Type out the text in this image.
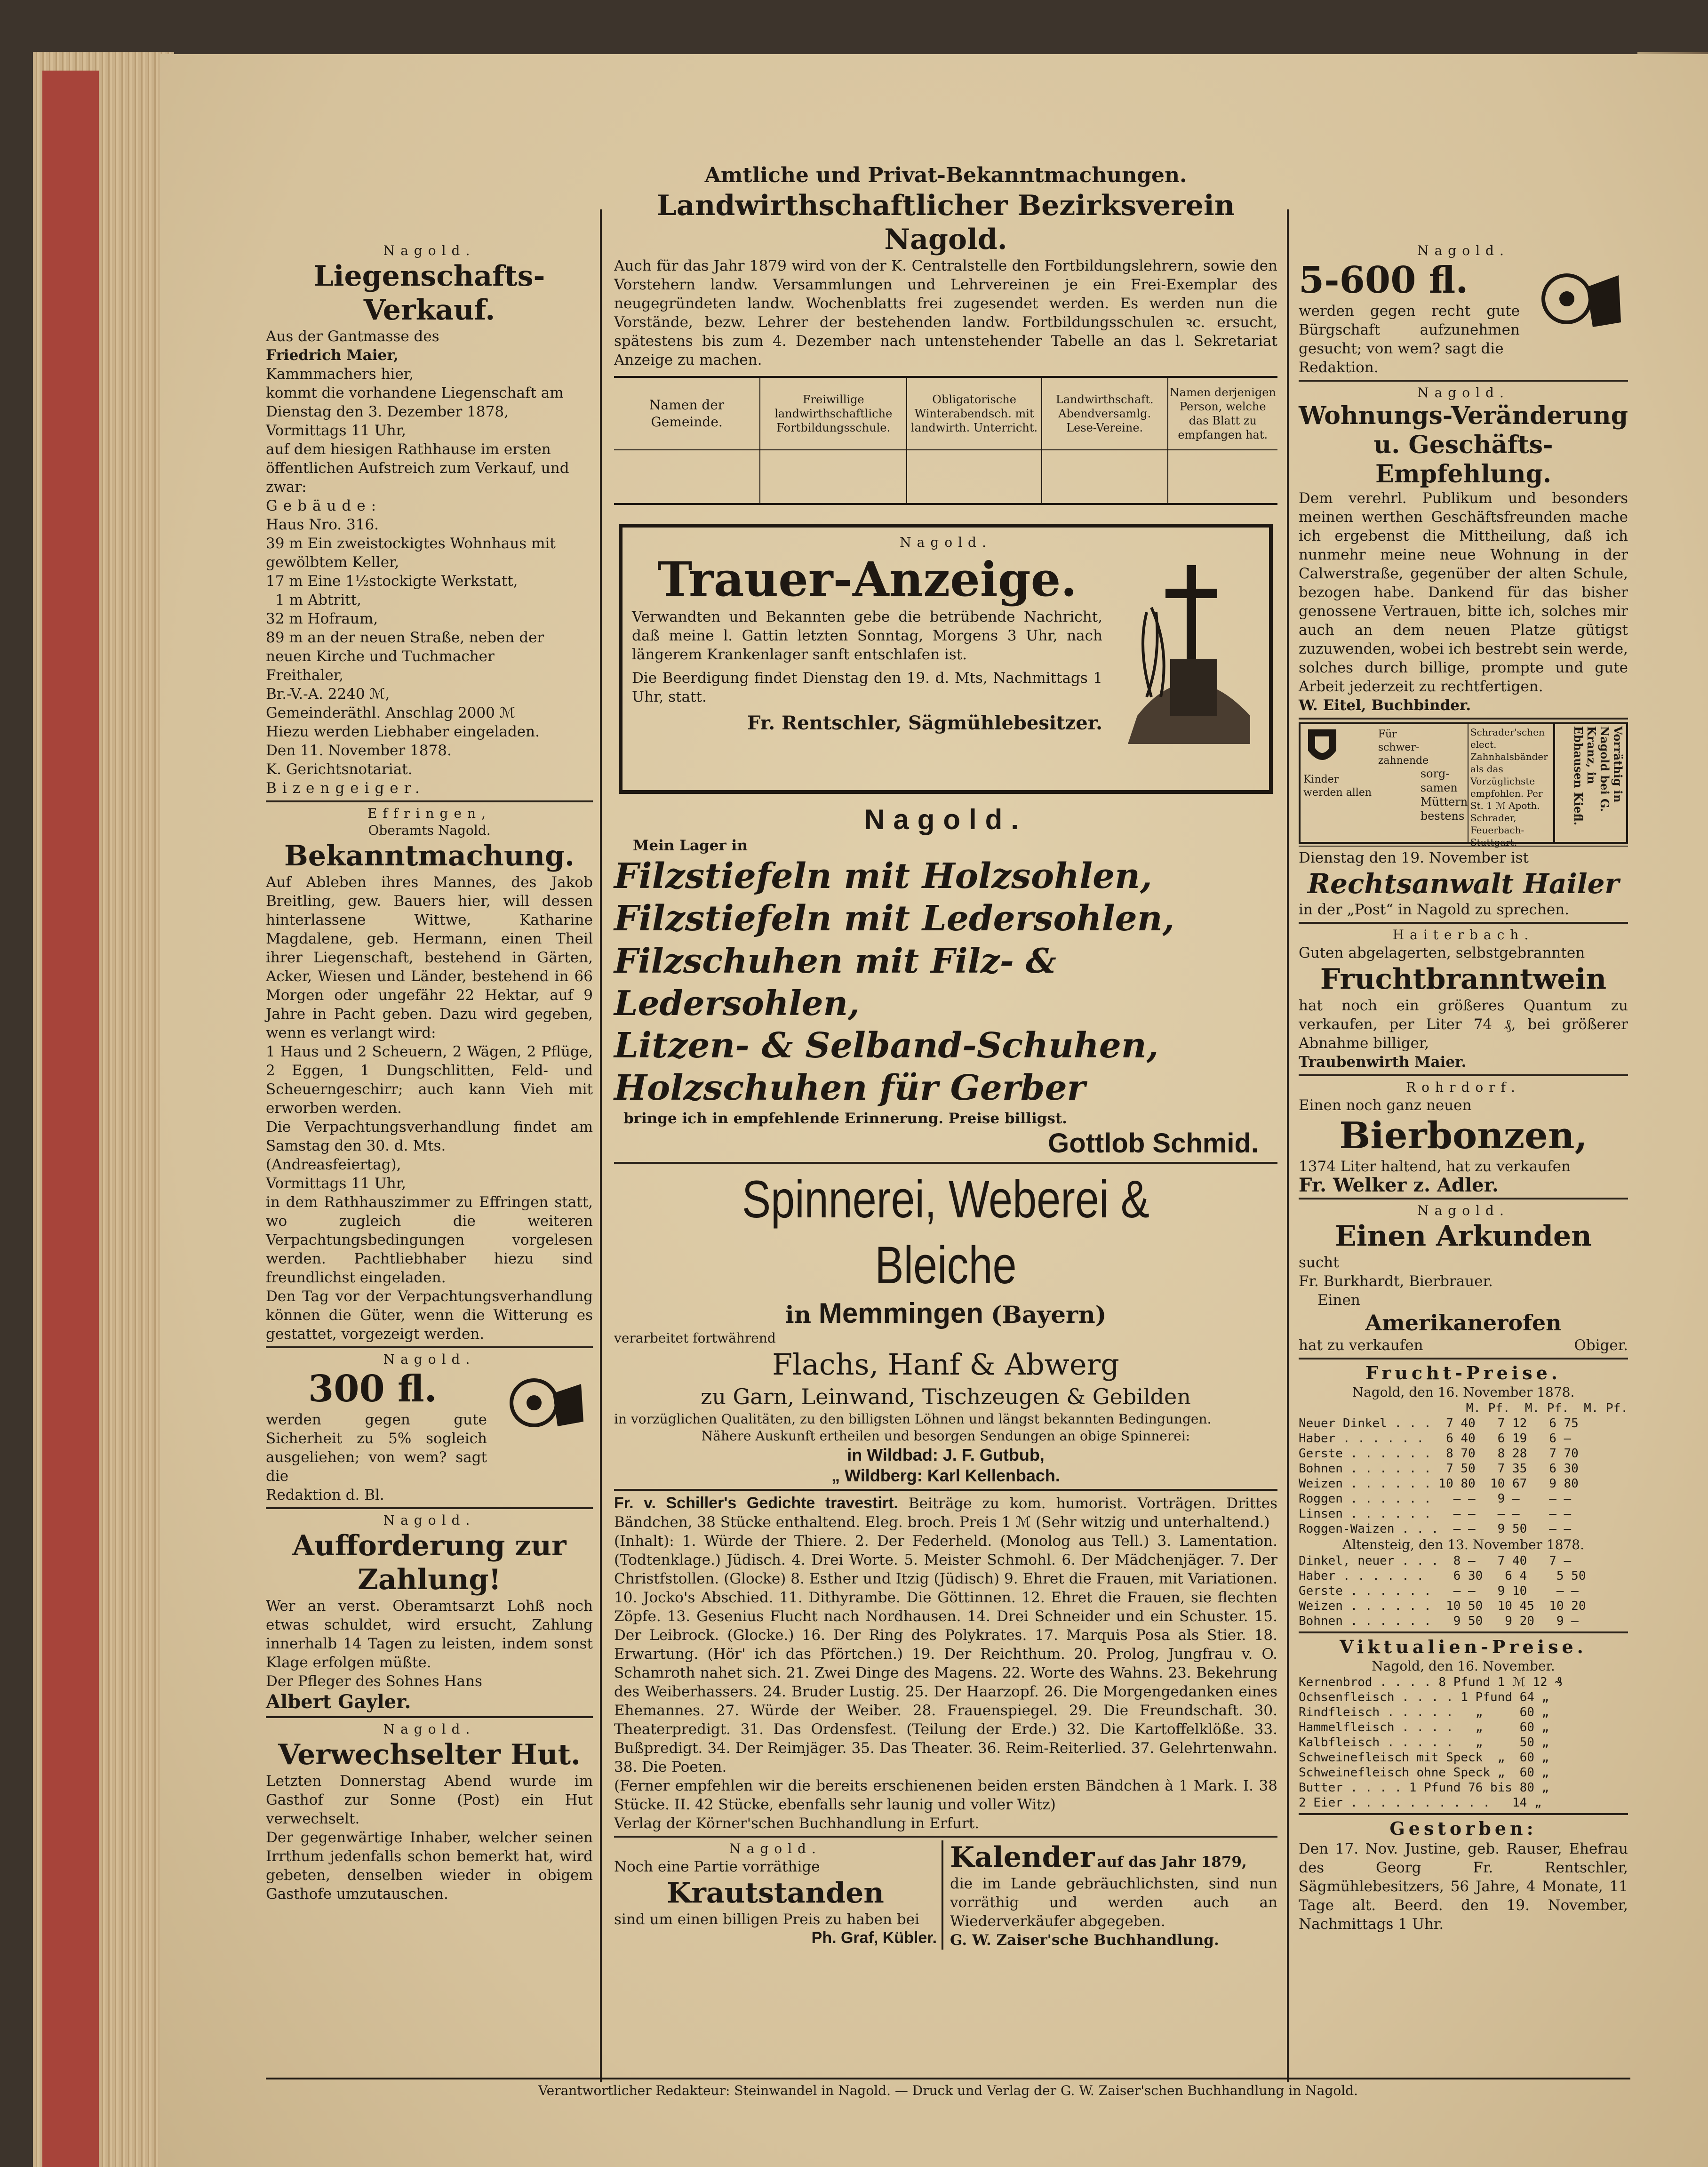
Nagold.
Liegenschafts-Verkauf.
Aus der Gantmasse des
Friedrich Maier,
Kammmachers hier,
kommt die vorhandene Liegenschaft am
Dienstag den 3. Dezember 1878,
Vormittags 11 Uhr,
auf dem hiesigen Rathhause im ersten
öffentlichen Aufstreich zum Verkauf, und
zwar:
Gebäude:
Haus Nro. 316.
39 m Ein zweistockigtes Wohnhaus mit
gewölbtem Keller,
17 m Eine 1½stockigte Werkstatt,
1 m Abtritt,
32 m Hofraum,
89 m an der neuen Straße, neben der
neuen Kirche und Tuchmacher
Freithaler,
Br.-V.-A. 2240 ℳ,
Gemeinderäthl. Anschlag 2000 ℳ
Hiezu werden Liebhaber eingeladen.
Den 11. November 1878.
K. Gerichtsnotariat.
Bizengeiger.
Effringen,
Oberamts Nagold.
Bekanntmachung.
Auf Ableben ihres Mannes, des Jakob Breitling, gew. Bauers hier, will dessen hinterlassene Wittwe, Katharine Magdalene, geb. Hermann, einen Theil ihrer Liegenschaft, bestehend in Gärten, Acker, Wiesen und Länder, bestehend in 66 Morgen oder ungefähr 22 Hektar, auf 9 Jahre in Pacht geben. Dazu wird gegeben, wenn es verlangt wird:
1 Haus und 2 Scheuern, 2 Wägen, 2 Pflüge, 2 Eggen, 1 Dungschlitten, Feld- und Scheuerngeschirr; auch kann Vieh mit erworben werden.
Die Verpachtungsverhandlung findet am Samstag den 30. d. Mts.
(Andreasfeiertag),
Vormittags 11 Uhr,
in dem Rathhauszimmer zu Effringen statt, wo zugleich die weiteren Verpachtungsbedingungen vorgelesen werden. Pachtliebhaber hiezu sind freundlichst eingeladen.
Den Tag vor der Verpachtungsverhandlung können die Güter, wenn die Witterung es gestattet, vorgezeigt werden.
Nagold.
300 fl.
werden gegen gute Sicherheit zu 5% sogleich ausgeliehen; von wem? sagt die
Redaktion d. Bl.
Nagold.
Aufforderung zur Zahlung!
Wer an verst. Oberamtsarzt Lohß noch etwas schuldet, wird ersucht, Zahlung innerhalb 14 Tagen zu leisten, indem sonst Klage erfolgen müßte.
Der Pfleger des Sohnes Hans
Albert Gayler.
Nagold.
Verwechselter Hut.
Letzten Donnerstag Abend wurde im Gasthof zur Sonne (Post) ein Hut verwechselt.
Der gegenwärtige Inhaber, welcher seinen Irrthum jedenfalls schon bemerkt hat, wird gebeten, denselben wieder in obigem Gasthofe umzutauschen.
Amtliche und Privat-Bekanntmachungen.
Landwirthschaftlicher Bezirksverein Nagold.
Auch für das Jahr 1879 wird von der K. Centralstelle den Fortbildungslehrern, sowie den Vorstehern landw. Versammlungen und Lehrvereinen je ein Frei-Exemplar des neugegründeten landw. Wochenblatts frei zugesendet werden. Es werden nun die Vorstände, bezw. Lehrer der bestehenden landw. Fortbildungsschulen ꝛc. ersucht, spätestens bis zum 4. Dezember nach untenstehender Tabelle an das l. Sekretariat Anzeige zu machen.
Namen der Gemeinde.	Freiwillige landwirthschaftliche Fortbildungsschule.	Obligatorische Winterabendsch. mit landwirth. Unterricht.	Landwirthschaft. Abendversamlg. Lese-Vereine.	Namen derjenigen Person, welche das Blatt zu empfangen hat.

Nagold.
Trauer-Anzeige.
Verwandten und Bekannten gebe die betrübende Nachricht, daß meine l. Gattin letzten Sonntag, Morgens 3 Uhr, nach längerem Krankenlager sanft entschlafen ist.
Die Beerdigung findet Dienstag den 19. d. Mts, Nachmittags 1 Uhr, statt.
Fr. Rentschler, Sägmühlebesitzer.
Nagold.
Mein Lager in
Filzstiefeln mit Holzsohlen,
Filzstiefeln mit Ledersohlen,
Filzschuhen mit Filz- & Ledersohlen,
Litzen- & Selband-Schuhen,
Holzschuhen für Gerber
bringe ich in empfehlende Erinnerung. Preise billigst.
Gottlob Schmid.
Spinnerei, Weberei & Bleiche
in Memmingen (Bayern)
verarbeitet fortwährend
Flachs, Hanf & Abwerg
zu Garn, Leinwand, Tischzeugen & Gebilden
in vorzüglichen Qualitäten, zu den billigsten Löhnen und längst bekannten Bedingungen.
Nähere Auskunft ertheilen und besorgen Sendungen an obige Spinnerei:
in Wildbad: J. F. Gutbub,
„ Wildberg: Karl Kellenbach.
Fr. v. Schiller's Gedichte travestirt. Beiträge zu kom. humorist. Vorträgen. Drittes Bändchen, 38 Stücke enthaltend. Eleg. broch. Preis 1 ℳ (Sehr witzig und unterhaltend.)
(Inhalt): 1. Würde der Thiere. 2. Der Federheld. (Monolog aus Tell.) 3. Lamentation. (Todtenklage.) Jüdisch. 4. Drei Worte. 5. Meister Schmohl. 6. Der Mädchenjäger. 7. Der Christfstollen. (Glocke) 8. Esther und Itzig (Jüdisch) 9. Ehret die Frauen, mit Variationen. 10. Jocko's Abschied. 11. Dithyrambe. Die Göttinnen. 12. Ehret die Frauen, sie flechten Zöpfe. 13. Gesenius Flucht nach Nordhausen. 14. Drei Schneider und ein Schuster. 15. Der Leibrock. (Glocke.) 16. Der Ring des Polykrates. 17. Marquis Posa als Stier. 18. Erwartung. (Hör' ich das Pförtchen.) 19. Der Reichthum. 20. Prolog, Jungfrau v. O. Schamroth nahet sich. 21. Zwei Dinge des Magens. 22. Worte des Wahns. 23. Bekehrung des Weiberhassers. 24. Bruder Lustig. 25. Der Haarzopf. 26. Die Morgengedanken eines Ehemannes. 27. Würde der Weiber. 28. Frauenspiegel. 29. Die Freundschaft. 30. Theaterpredigt. 31. Das Ordensfest. (Teilung der Erde.) 32. Die Kartoffelklöße. 33. Bußpredigt. 34. Der Reimjäger. 35. Das Theater. 36. Reim-Reiterlied. 37. Gelehrtenwahn. 38. Die Poeten.
(Ferner empfehlen wir die bereits erschienenen beiden ersten Bändchen à 1 Mark. I. 38 Stücke. II. 42 Stücke, ebenfalls sehr launig und voller Witz)
Verlag der Körner'schen Buchhandlung in Erfurt.
Nagold.
Noch eine Partie vorräthige
Krautstanden
sind um einen billigen Preis zu haben bei
Ph. Graf, Kübler.
Kalender auf das Jahr 1879,
die im Lande gebräuchlichsten, sind nun vorräthig und werden auch an Wiederverkäufer abgegeben.
G. W. Zaiser'sche Buchhandlung.
Nagold.
5-600 fl.
werden gegen recht gute Bürgschaft aufzunehmen gesucht; von wem? sagt die
Redaktion.
Nagold.
Wohnungs-Veränderung u. Geschäfts-Empfehlung.
Dem verehrl. Publikum und besonders meinen werthen Geschäftsfreunden mache ich ergebenst die Mittheilung, daß ich nunmehr meine neue Wohnung in der Calwerstraße, gegenüber der alten Schule, bezogen habe. Dankend für das bisher genossene Vertrauen, bitte ich, solches mir auch an dem neuen Platze gütigst zuzuwenden, wobei ich bestrebt sein werde, solches durch billige, prompte und gute Arbeit jederzeit zu rechtfertigen.
W. Eitel, Buchbinder.
Kinder werden allen
Für
schwer-
zahnende
sorg-
samen
Müttern
bestens
Schrader'schen elect. Zahnhalsbänder als das Vorzüglichste empfohlen. Per St. 1 ℳ Apoth. Schrader, Feuerbach-Stuttgart.
Vorräthig in Nagold bei G. Kranz, in Ebhausen Kiefl.
Dienstag den 19. November ist
Rechtsanwalt Hailer
in der „Post“ in Nagold zu sprechen.
Haiterbach.
Guten abgelagerten, selbstgebrannten
Fruchtbranntwein
hat noch ein größeres Quantum zu verkaufen, per Liter 74 ₰, bei größerer Abnahme billiger,
Traubenwirth Maier.
Rohrdorf.
Einen noch ganz neuen
Bierbonzen,
1374 Liter haltend, hat zu verkaufen
Fr. Welker z. Adler.
Nagold.
Einen Arkunden
sucht
Fr. Burkhardt, Bierbrauer.
Einen
Amerikanerofen
hat zu verkaufen	Obiger.
Frucht-Preise.
Nagold, den 16. November 1878.
M. Pf.  M. Pf.  M. Pf.
Neuer Dinkel . . .  7 40   7 12   6 75
Haber . . . . . .   6 40   6 19   6 —
Gerste . . . . . .  8 70   8 28   7 70
Bohnen . . . . . .  7 50   7 35   6 30
Weizen . . . . . . 10 80  10 67   9 80
Roggen . . . . . .   — —   9 —    — —
Linsen . . . . . .   — —   — —    — —
Roggen-Waizen . . .  — —   9 50   — —
Altensteig, den 13. November 1878.
Dinkel, neuer . . .  8 —   7 40   7 —
Haber . . . . . .    6 30   6 4    5 50
Gerste . . . . . .   — —   9 10    — —
Weizen . . . . . .  10 50  10 45  10 20
Bohnen . . . . . .   9 50   9 20   9 —
Viktualien-Preise.
Nagold, den 16. November.
Kernenbrod . . . . 8 Pfund 1 ℳ 12 ₰
Ochsenfleisch . . . . 1 Pfund 64 „
Rindfleisch . . . . .   „     60 „
Hammelfleisch . . . .   „     60 „
Kalbfleisch . . . . .   „     50 „
Schweinefleisch mit Speck  „  60 „
Schweinefleisch ohne Speck „  60 „
Butter . . . . 1 Pfund 76 bis 80 „
2 Eier . . . . . . . . . .   14 „
Gestorben:
Den 17. Nov. Justine, geb. Rauser, Ehefrau des Georg Fr. Rentschler, Sägmühlebesitzers, 56 Jahre, 4 Monate, 11 Tage alt. Beerd. den 19. November, Nachmittags 1 Uhr.
Verantwortlicher Redakteur: Steinwandel in Nagold. — Druck und Verlag der G. W. Zaiser'schen Buchhandlung in Nagold.
